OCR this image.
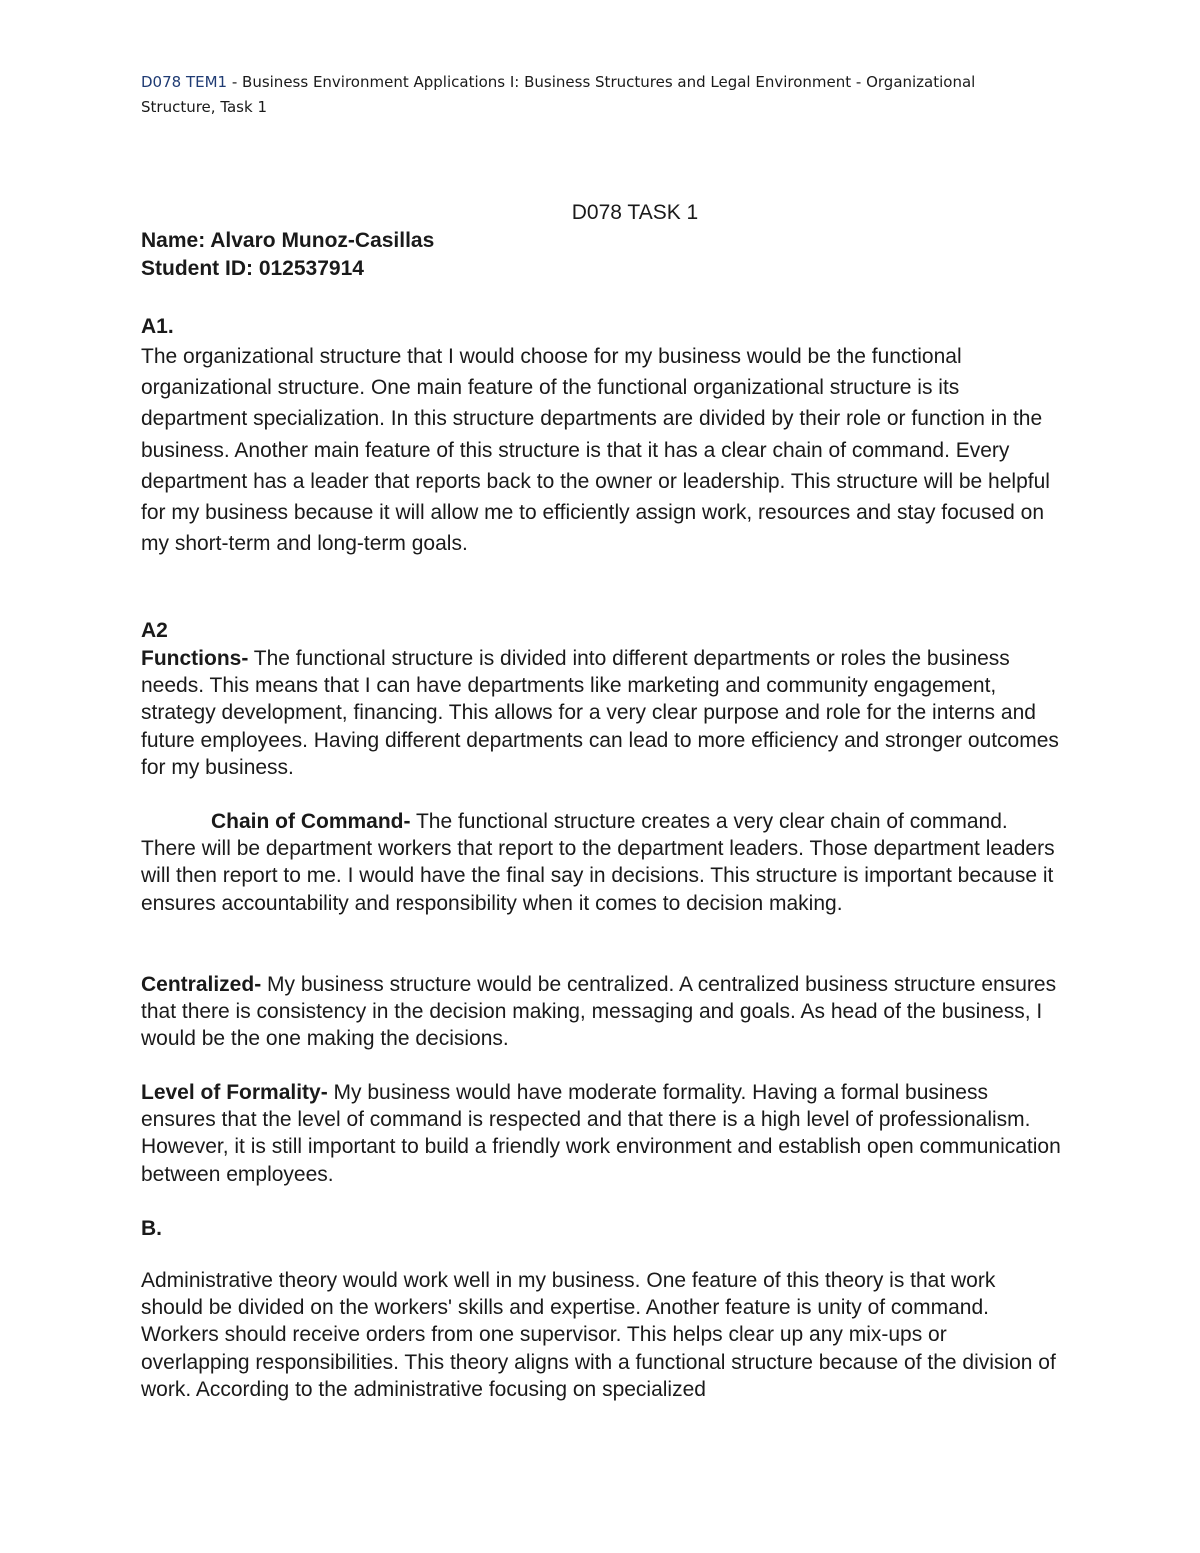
D078 TEM1 - Business Environment Applications I: Business Structures and Legal Environment - Organizational Structure, Task 1
D078 TASK 1
Name: Alvaro Munoz-Casillas
Student ID: 012537914
A1.
The organizational structure that I would choose for my business would be the functional organizational structure. One main feature of the functional organizational structure is its department specialization. In this structure departments are divided by their role or function in the business. Another main feature of this structure is that it has a clear chain of command. Every department has a leader that reports back to the owner or leadership. This structure will be helpful for my business because it will allow me to efficiently assign work, resources and stay focused on my short-term and long-term goals.
A2
Functions- The functional structure is divided into different departments or roles the business needs. This means that I can have departments like marketing and community engagement, strategy development, financing. This allows for a very clear purpose and role for the interns and future employees. Having different departments can lead to more efficiency and stronger outcomes for my business.
Chain of Command- The functional structure creates a very clear chain of command. There will be department workers that report to the department leaders. Those department leaders will then report to me. I would have the final say in decisions. This structure is important because it ensures accountability and responsibility when it comes to decision making.
Centralized- My business structure would be centralized. A centralized business structure ensures that there is consistency in the decision making, messaging and goals. As head of the business, I would be the one making the decisions.
Level of Formality- My business would have moderate formality. Having a formal business ensures that the level of command is respected and that there is a high level of professionalism. However, it is still important to build a friendly work environment and establish open communication between employees.
B.
Administrative theory would work well in my business. One feature of this theory is that work should be divided on the workers' skills and expertise. Another feature is unity of command. Workers should receive orders from one supervisor. This helps clear up any mix-ups or overlapping responsibilities. This theory aligns with a functional structure because of the division of work. According to the administrative focusing on specialized
